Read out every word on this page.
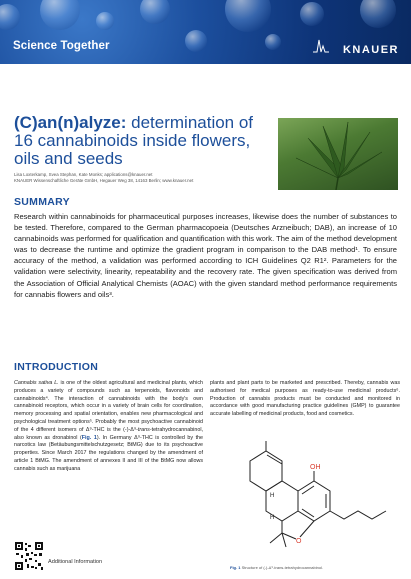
Science Together	KNAUER
(C)an(n)alyze: determination of 16 cannabinoids inside flowers, oils and seeds
Lisa Loxterkamp, Svea Stephan, Kate Monks; applications@knauer.net
KNAUER Wissenschaftliche Geräte GmbH, Hegauer Weg 38, 14163 Berlin; www.knauer.net
SUMMARY
Research within cannabinoids for pharmaceutical purposes increases, likewise does the number of substances to be tested. Therefore, compared to the German pharmacopoeia (Deutsches Arzneibuch; DAB), an increase of 10 cannabinoids was performed for qualification and quantification with this work. The aim of the method development was to decrease the runtime and optimize the gradient program in comparison to the DAB method¹. To ensure accuracy of the method, a validation was performed according to ICH Guidelines Q2 R1². Parameters for the validation were selectivity, linearity, repeatability and the recovery rate. The given specification was derived from the Association of Official Analytical Chemists (AOAC) with the given standard method performance requirements for cannabis flowers and oils³.
INTRODUCTION
Cannabis sativa L. is one of the oldest agricultural and medicinal plants, which produces a variety of compounds such as terpenoids, flavonoids and cannabinoids⁴. The interaction of cannabinoids with the body's own cannabinoid receptors, which occur in a variety of brain cells for coordination, memory processing and spatial orientation, enables new pharmacological and psychological treatment options⁵. Probably the most psychoactive cannabinoid of the 4 different isomers of Δ⁹-THC is the (-)-Δ⁹-trans-tetrahydrocannabinol, also known as dronabinol (Fig. 1). In Germany Δ⁹-THC is controlled by the narcotics law (Betäubungsmittelschutzgesetz; BtMG) due to its psychoactive properties. Since March 2017 the regulations changed by the amendment of article 1 BtMG. The amendment of annexes II and III of the BtMG now allows cannabis such as marijuana
plants and plant parts to be marketed and prescribed. Thereby, cannabis was authorised for medical purposes as ready-to-use medicinal products⁶. Production of cannabis products must be conducted and monitored in accordance with good manufacturing practice guidelines (GMP) to guarantee accurate labelling of medicinal products, food and cosmetics.
OH
O
H
H
Fig. 1 Structure of (-)-Δ⁹-trans-tetrahydrocannabinol.
Additional Information
